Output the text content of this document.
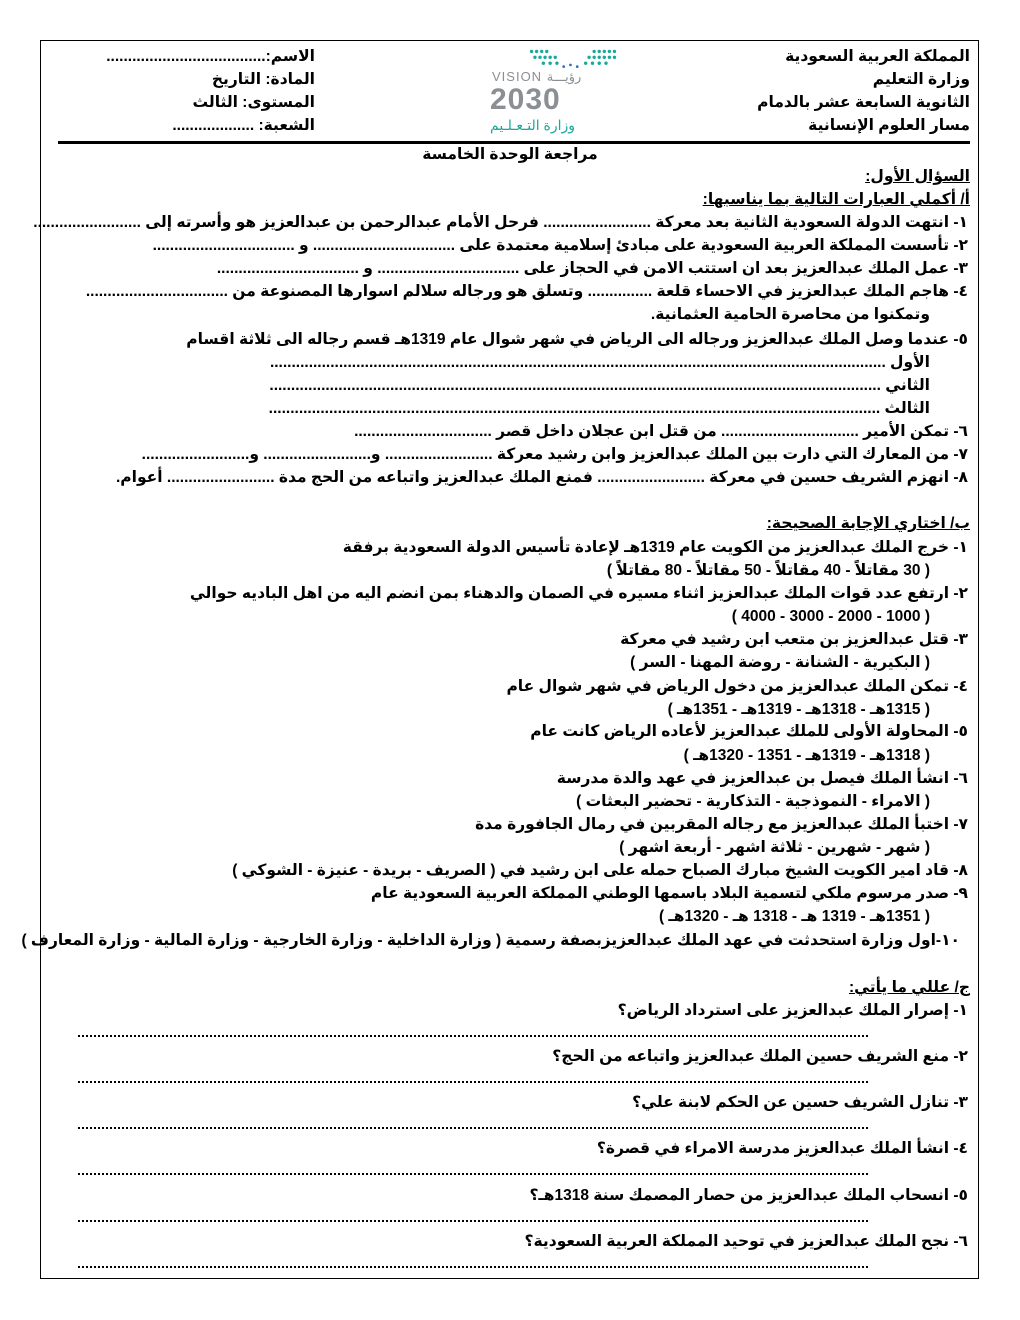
المملكة العربية السعودية
وزارة التعليم
الثانوية السابعة عشر بالدمام
مسار العلوم الإنسانية
الاسم:.....................................
المادة: التاريخ
المستوى: الثالث
الشعبة: ...................
VISION رؤيـــة
2030
وزارة التـعـلـيم
مراجعة الوحدة الخامسة
السؤال الأول:
أ/ أكملي العبارات التالية بما يناسبها:
ب/ اختاري الإجابة الصحيحة:
ج/ عللي ما يأتي:
١- انتهت الدولة السعودية الثانية بعد معركة ......................... فرحل الأمام عبدالرحمن بن عبدالعزيز هو وأسرته إلى .........................
٢- تأسست المملكة العربية السعودية على مبادئ إسلامية معتمدة على ................................. و .................................
٣- عمل الملك عبدالعزيز بعد ان استتب الامن في الحجاز على ................................. و .................................
٤- هاجم الملك عبدالعزيز في الاحساء قلعة ............... وتسلق هو ورجاله سلالم اسوارها المصنوعة من .................................
وتمكنوا من محاصرة الحامية العثمانية.
٥- عندما وصل الملك عبدالعزيز ورجاله الى الرياض في شهر شوال عام 1319هـ قسم رجاله الى ثلاثة اقسام
الأول ...............................................................................................................................................
الثاني ..............................................................................................................................................
الثالث ..............................................................................................................................................
٦- تمكن الأمير ................................ من قتل ابن عجلان داخل قصر ................................
٧- من المعارك التي دارت بين الملك عبدالعزيز وابن رشيد معركة ......................... و......................... و.........................
٨- انهزم الشريف حسين في معركة ......................... فمنع الملك عبدالعزيز واتباعه من الحج مدة ......................... أعوام.
١- خرج الملك عبدالعزيز من الكويت عام 1319هـ لإعادة تأسيس الدولة السعودية برفقة
( 30 مقاتلاً - 40 مقاتلاً - 50 مقاتلاً - 80 مقاتلاً )
٢- ارتفع عدد قوات الملك عبدالعزيز اثناء مسيره في الصمان والدهناء بمن انضم اليه من اهل الباديه حوالي
( 1000 - 2000 - 3000 - 4000 )
٣- قتل عبدالعزيز بن متعب ابن رشيد في معركة
( البكيرية - الشنانة - روضة المهنا - السر )
٤- تمكن الملك عبدالعزيز من دخول الرياض في شهر شوال عام
( 1315هـ - 1318هـ - 1319هـ - 1351هـ )
٥- المحاولة الأولى للملك عبدالعزيز لأعاده الرياض كانت عام
( 1318هـ - 1319هـ - 1351 - 1320هـ )
٦- انشأ الملك فيصل بن عبدالعزيز في عهد والدة مدرسة
( الامراء - النموذجية - التذكارية - تحضير البعثات )
٧- اختبأ الملك عبدالعزيز مع رجاله المقربين في رمال الجافورة مدة
( شهر - شهرين - ثلاثة اشهر - أربعة اشهر )
٨- قاد امير الكويت الشيخ مبارك الصباح حمله على ابن رشيد في ( الصريف - بريدة - عنيزة - الشوكي )
٩- صدر مرسوم ملكي لتسمية البلاد باسمها الوطني المملكة العربية السعودية عام
( 1351هـ - 1319 هـ - 1318 هـ - 1320هـ )
١٠-اول وزارة استحدثت في عهد الملك عبدالعزيزبصفة رسمية ( وزارة الداخلية - وزارة الخارجية - وزارة المالية - وزارة المعارف )
١- إصرار الملك عبدالعزيز على استرداد الرياض؟
٢- منع الشريف حسين الملك عبدالعزيز واتباعه من الحج؟
٣- تنازل الشريف حسين عن الحكم لابنة علي؟
٤- انشأ الملك عبدالعزيز مدرسة الامراء في قصرة؟
٥- انسحاب الملك عبدالعزيز من حصار المصمك سنة 1318هـ؟
٦- نجح الملك عبدالعزيز في توحيد المملكة العربية السعودية؟
